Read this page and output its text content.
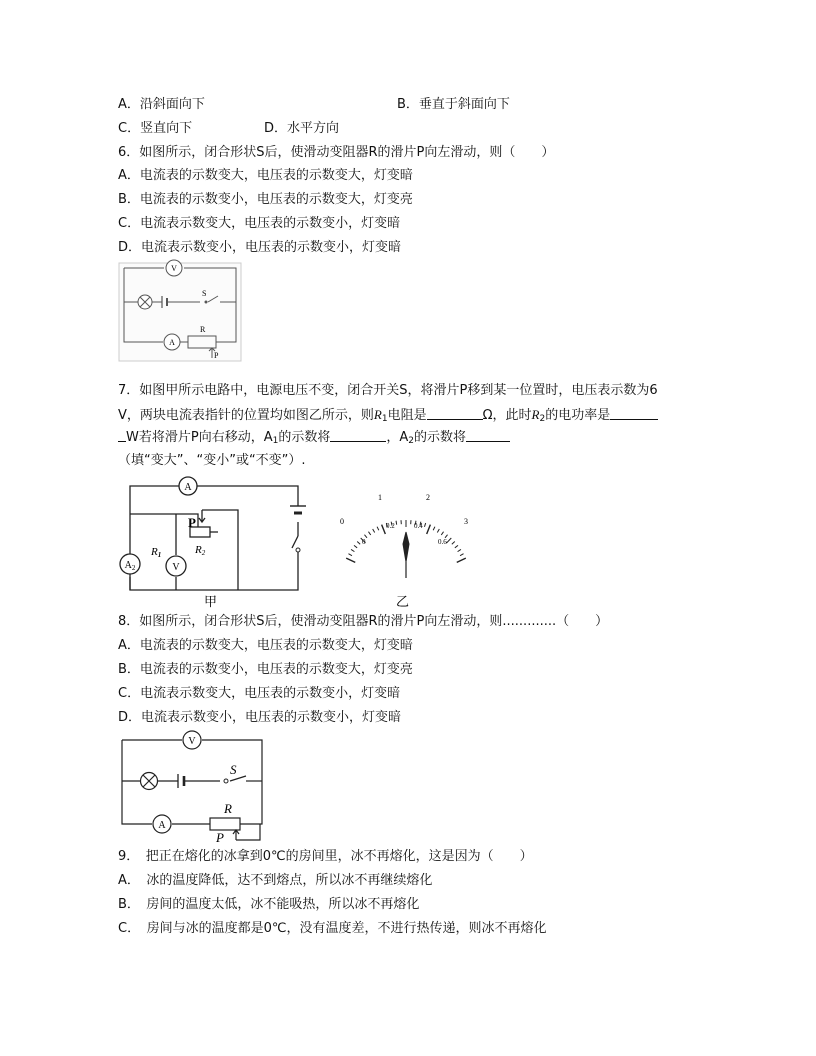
A．沿斜面向下	B．垂直于斜面向下
C．竖直向下	D．水平方向
6．如图所示，闭合形状S后，使滑动变阻器R的滑片P向左滑动，则（　　）
A．电流表的示数变大，电压表的示数变大，灯变暗
B．电流表的示数变小，电压表的示数变大，灯变亮
C．电流表示数变大，电压表的示数变小，灯变暗
D．电流表示数变小，电压表的示数变小，灯变暗
V
S
A
R
P
7．如图甲所示电路中，电源电压不变，闭合开关S，将滑片P移到某一位置时，电压表示数为6
V，两块电流表指针的位置均如图乙所示，则$R_1$电阻是	Ω，此时$R_2$的电功率是
W若将滑片P向右移动，$A_1$的示数将	，$A_2$的示数将
（填“变大”、“变小”或“不变”）.
A
$A_2$	V
P
R1	R2
甲
0
1	2
3
0
0.2	0.4
0.6
乙
8．如图所示，闭合形状S后，使滑动变阻器R的滑片P向左滑动，则.............（　　）
A．电流表的示数变大，电压表的示数变大，灯变暗
B．电流表的示数变小，电压表的示数变大，灯变亮
C．电流表示数变大，电压表的示数变小，灯变暗
D．电流表示数变小，电压表的示数变小，灯变暗
V
S
A
R
P
9．　把正在熔化的冰拿到0℃的房间里，冰不再熔化，这是因为（　　）
A．　冰的温度降低，达不到熔点，所以冰不再继续熔化
B．　房间的温度太低，冰不能吸热，所以冰不再熔化
C．　房间与冰的温度都是0℃，没有温度差，不进行热传递，则冰不再熔化
